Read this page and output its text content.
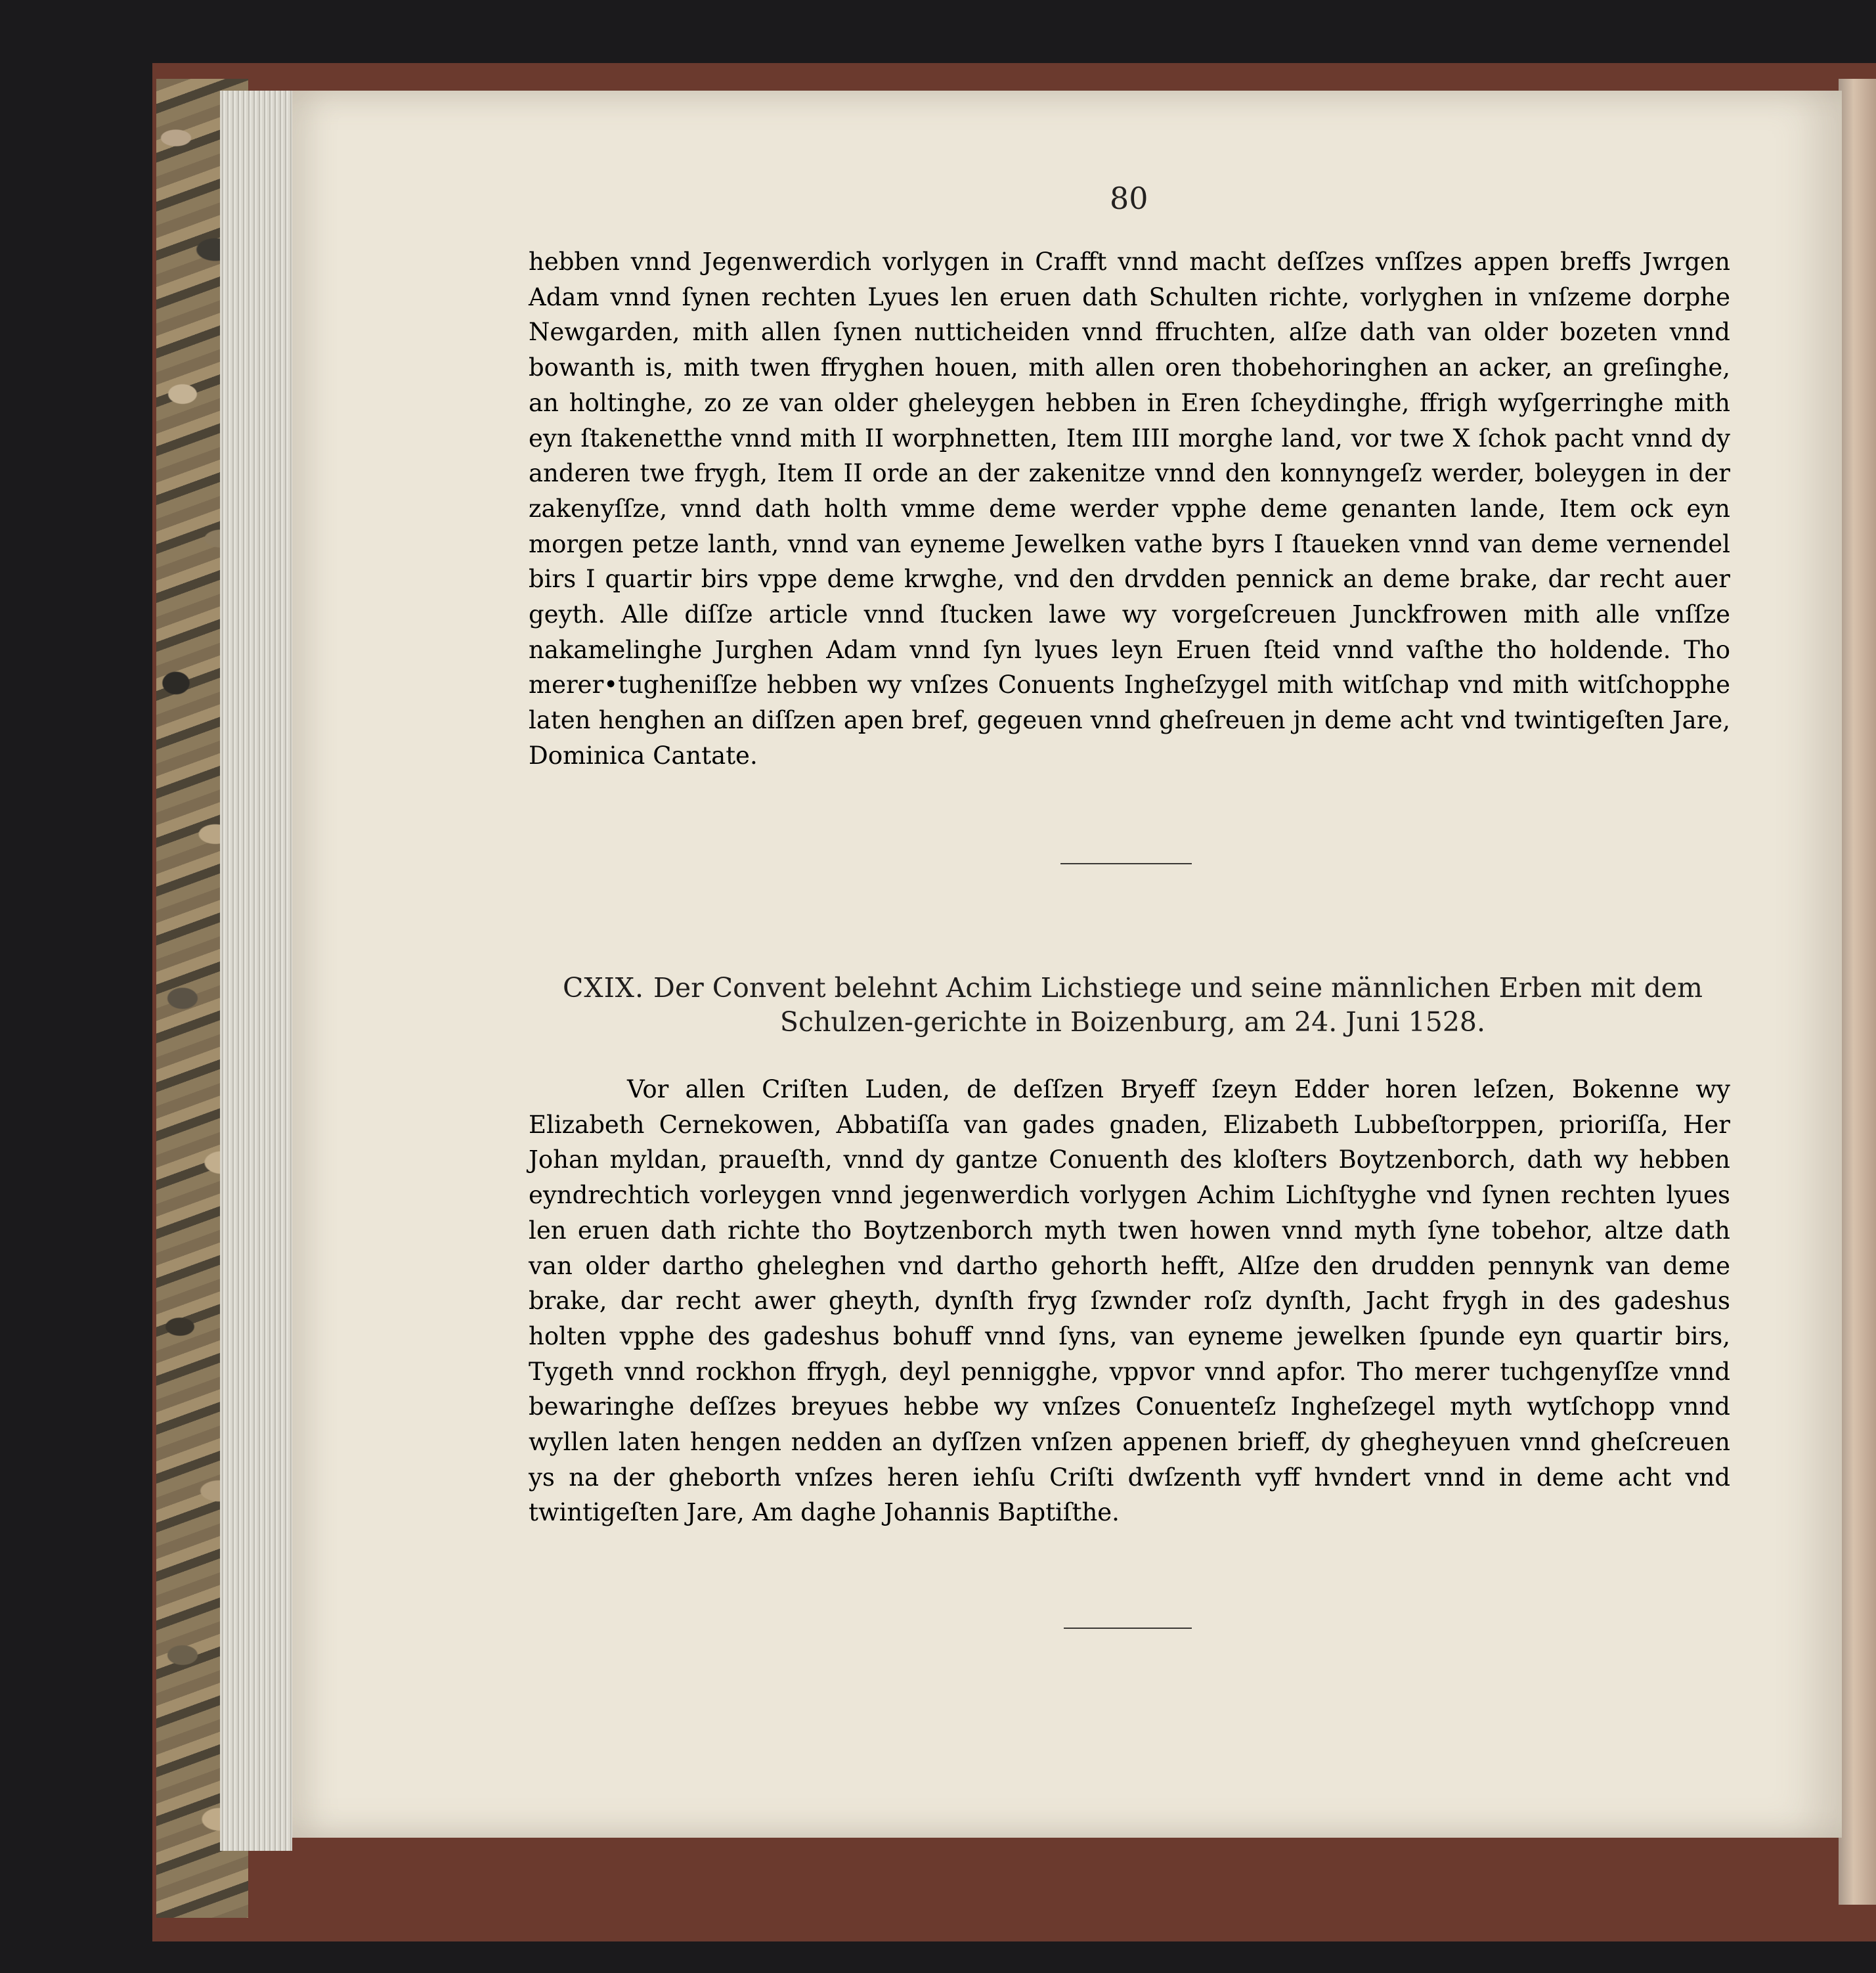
80

hebben vnnd Jegenwerdich vorlygen in Crafft vnnd macht deſſzes vnſſzes appen breffs Jwrgen Adam vnnd ſynen rechten Lyues len eruen dath Schulten richte, vorlyghen in vnſzeme dorphe Newgarden, mith allen ſynen nutticheiden vnnd ffruchten, alſze dath van older bozeten vnnd bowanth is, mith twen ffryghen houen, mith allen oren thobehoringhen an acker, an greſinghe, an holtinghe, zo ze van older gheleygen hebben in Eren ſcheydinghe, ffrigh wyſgerringhe mith eyn ſtakenetthe vnnd mith II worphnetten, Item IIII morghe land, vor twe X ſchok pacht vnnd dy anderen twe frygh, Item II orde an der zakenitze vnnd den konnyngeſz werder, boleygen in der zakenyſſze, vnnd dath holth vmme deme werder vpphe deme genanten lande, Item ock eyn morgen petze lanth, vnnd van eyneme Jewelken vathe byrs I ſtaueken vnnd van deme vernendel birs I quartir birs vppe deme krwghe, vnd den drvdden pennick an deme brake, dar recht auer geyth. Alle diſſze article vnnd ſtucken lawe wy vorgeſcreuen Junckfrowen mith alle vnſſze nakamelinghe Jurghen Adam vnnd ſyn lyues leyn Eruen ſteid vnnd vaſthe tho holdende. Tho merer•tugheniſſze hebben wy vnſzes Conuents Ingheſzygel mith witſchap vnd mith witſchopphe laten henghen an diſſzen apen bref, gegeuen vnnd gheſreuen jn deme acht vnd twintigeſten Jare, Dominica Cantate.

CXIX. Der Convent belehnt Achim Lichstiege und seine männlichen Erben mit dem Schulzen-gerichte in Boizenburg, am 24. Juni 1528.

Vor allen Criſten Luden, de deſſzen Bryeff ſzeyn Edder horen leſzen, Bokenne wy Elizabeth Cernekowen, Abbatiſſa van gades gnaden, Elizabeth Lubbeſtorppen, prioriſſa, Her Johan myldan, praueſth, vnnd dy gantze Conuenth des kloſters Boytzenborch, dath wy hebben eyndrechtich vorleygen vnnd jegenwerdich vorlygen Achim Lichſtyghe vnd ſynen rechten lyues len eruen dath richte tho Boytzenborch myth twen howen vnnd myth ſyne tobehor, altze dath van older dartho gheleghen vnd dartho gehorth hefft, Alſze den drudden pennynk van deme brake, dar recht awer gheyth, dynſth fryg ſzwnder roſz dynſth, Jacht frygh in des gadeshus holten vpphe des gadeshus bohuff vnnd ſyns, van eyneme jewelken ſpunde eyn quartir birs, Tygeth vnnd rockhon ffrygh, deyl pennigghe, vppvor vnnd apfor. Tho merer tuchgenyſſze vnnd bewaringhe deſſzes breyues hebbe wy vnſzes Conuenteſz Ingheſzegel myth wytſchopp vnnd wyllen laten hengen nedden an dyſſzen vnſzen appenen brieff, dy ghegheyuen vnnd gheſcreuen ys na der gheborth vnſzes heren iehſu Criſti dwſzenth vyff hvndert vnnd in deme acht vnd twintigeſten Jare, Am daghe Johannis Baptiſthe.
